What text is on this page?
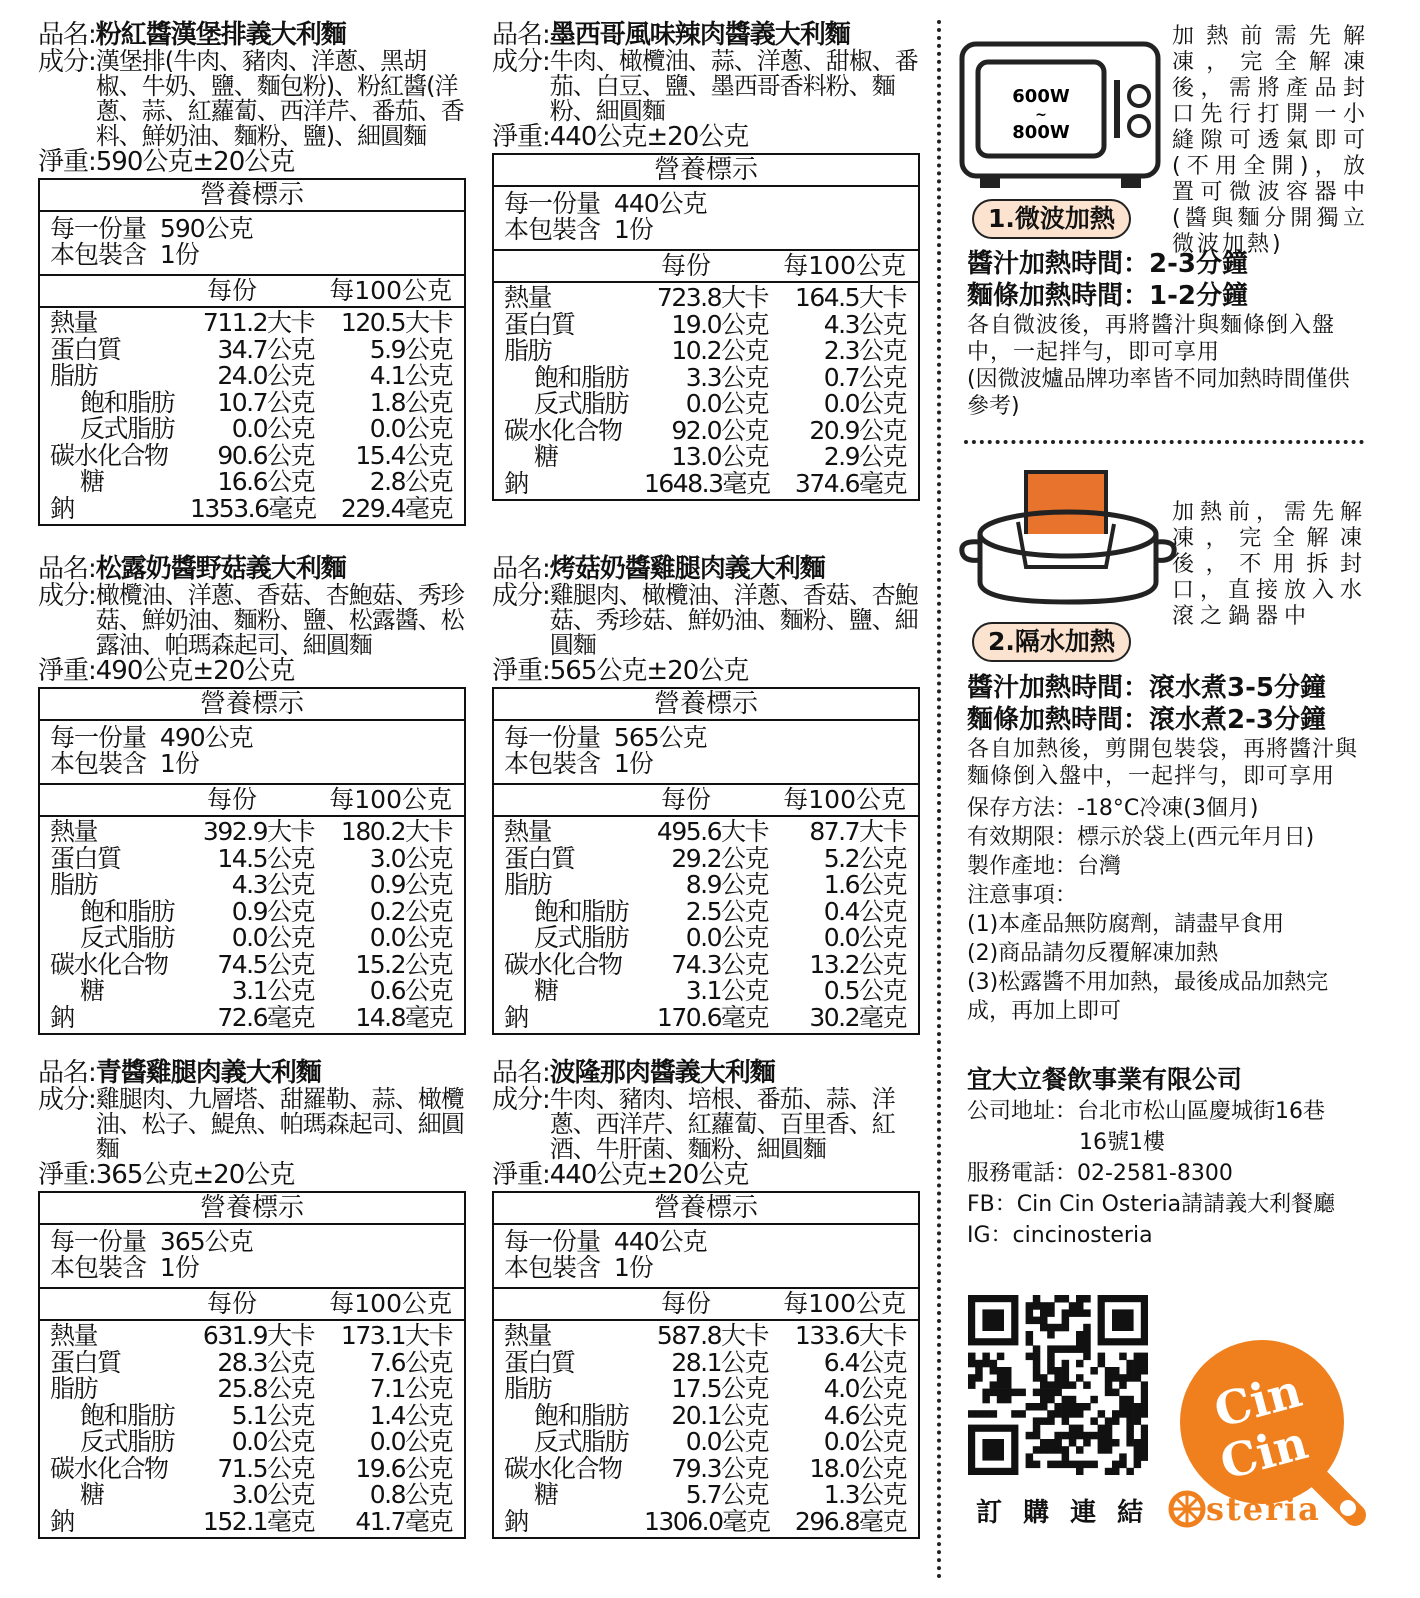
品名: 粉紅醬漢堡排義大利麵
成分: 漢堡排(牛肉、豬肉、洋蔥、黑胡椒、牛奶、鹽、麵包粉)、粉紅醬(洋蔥、蒜、紅蘿蔔、西洋芹、番茄、香料、鮮奶油、麵粉、鹽)、細圓麵
淨重: 590公克±20公克
營養標示
每一份量 590公克
本包裝含 1份
每份	每100公克
熱量	711.2大卡	120.5大卡
蛋白質	34.7公克	5.9公克
脂肪	24.0公克	4.1公克
飽和脂肪	10.7公克	1.8公克
反式脂肪	0.0公克	0.0公克
碳水化合物	90.6公克	15.4公克
糖	16.6公克	2.8公克
鈉	1353.6毫克	229.4毫克
品名: 墨西哥風味辣肉醬義大利麵
成分: 牛肉、橄欖油、蒜、洋蔥、甜椒、番茄、白豆、鹽、墨西哥香料粉、麵粉、細圓麵
淨重: 440公克±20公克
營養標示
每一份量 440公克
本包裝含 1份
每份	每100公克
熱量	723.8大卡	164.5大卡
蛋白質	19.0公克	4.3公克
脂肪	10.2公克	2.3公克
飽和脂肪	3.3公克	0.7公克
反式脂肪	0.0公克	0.0公克
碳水化合物	92.0公克	20.9公克
糖	13.0公克	2.9公克
鈉	1648.3毫克	374.6毫克
品名: 松露奶醬野菇義大利麵
成分: 橄欖油、洋蔥、香菇、杏鮑菇、秀珍菇、鮮奶油、麵粉、鹽、松露醬、松露油、帕瑪森起司、細圓麵
淨重: 490公克±20公克
營養標示
每一份量 490公克
本包裝含 1份
每份	每100公克
熱量	392.9大卡	180.2大卡
蛋白質	14.5公克	3.0公克
脂肪	4.3公克	0.9公克
飽和脂肪	0.9公克	0.2公克
反式脂肪	0.0公克	0.0公克
碳水化合物	74.5公克	15.2公克
糖	3.1公克	0.6公克
鈉	72.6毫克	14.8毫克
品名: 烤菇奶醬雞腿肉義大利麵
成分: 雞腿肉、橄欖油、洋蔥、香菇、杏鮑菇、秀珍菇、鮮奶油、麵粉、鹽、細圓麵
淨重: 565公克±20公克
營養標示
每一份量 565公克
本包裝含 1份
每份	每100公克
熱量	495.6大卡	87.7大卡
蛋白質	29.2公克	5.2公克
脂肪	8.9公克	1.6公克
飽和脂肪	2.5公克	0.4公克
反式脂肪	0.0公克	0.0公克
碳水化合物	74.3公克	13.2公克
糖	3.1公克	0.5公克
鈉	170.6毫克	30.2毫克
品名: 青醬雞腿肉義大利麵
成分: 雞腿肉、九層塔、甜羅勒、蒜、橄欖油、松子、鯷魚、帕瑪森起司、細圓麵
淨重: 365公克±20公克
營養標示
每一份量 365公克
本包裝含 1份
每份	每100公克
熱量	631.9大卡	173.1大卡
蛋白質	28.3公克	7.6公克
脂肪	25.8公克	7.1公克
飽和脂肪	5.1公克	1.4公克
反式脂肪	0.0公克	0.0公克
碳水化合物	71.5公克	19.6公克
糖	3.0公克	0.8公克
鈉	152.1毫克	41.7毫克
品名: 波隆那肉醬義大利麵
成分: 牛肉、豬肉、培根、番茄、蒜、洋蔥、西洋芹、紅蘿蔔、百里香、紅酒、牛肝菌、麵粉、細圓麵
淨重: 440公克±20公克
營養標示
每一份量 440公克
本包裝含 1份
每份	每100公克
熱量	587.8大卡	133.6大卡
蛋白質	28.1公克	6.4公克
脂肪	17.5公克	4.0公克
飽和脂肪	20.1公克	4.6公克
反式脂肪	0.0公克	0.0公克
碳水化合物	79.3公克	18.0公克
糖	5.7公克	1.3公克
鈉	1306.0毫克	296.8毫克
600W
~
800W
1.微波加熱
加熱前需先解凍，完全解凍後，需將產品封口先行打開一小縫隙可透氣即可(不用全開)，放置可微波容器中(醬與麵分開獨立微波加熱)
醬汁加熱時間：2-3分鐘
麵條加熱時間：1-2分鐘
各自微波後，再將醬汁與麵條倒入盤中，一起拌勻，即可享用
(因微波爐品牌功率皆不同加熱時間僅供參考)
2.隔水加熱
加熱前，需先解凍，完全解凍後，不用拆封口，直接放入水滾之鍋器中
醬汁加熱時間：滾水煮3-5分鐘
麵條加熱時間：滾水煮2-3分鐘
各自加熱後，剪開包裝袋，再將醬汁與麵條倒入盤中，一起拌勻，即可享用
保存方法：-18°C冷凍(3個月)
有效期限：標示於袋上(西元年月日)
製作產地：台灣
注意事項：
(1)本產品無防腐劑，請盡早食用
(2)商品請勿反覆解凍加熱
(3)松露醬不用加熱，最後成品加熱完成，再加上即可
宜大立餐飲事業有限公司
公司地址：台北市松山區慶城街16巷
16號1樓
服務電話：02-2581-8300
FB：Cin Cin Osteria請請義大利餐廳
IG：cincinosteria
訂 購 連 結
Cin
Cin
steria
